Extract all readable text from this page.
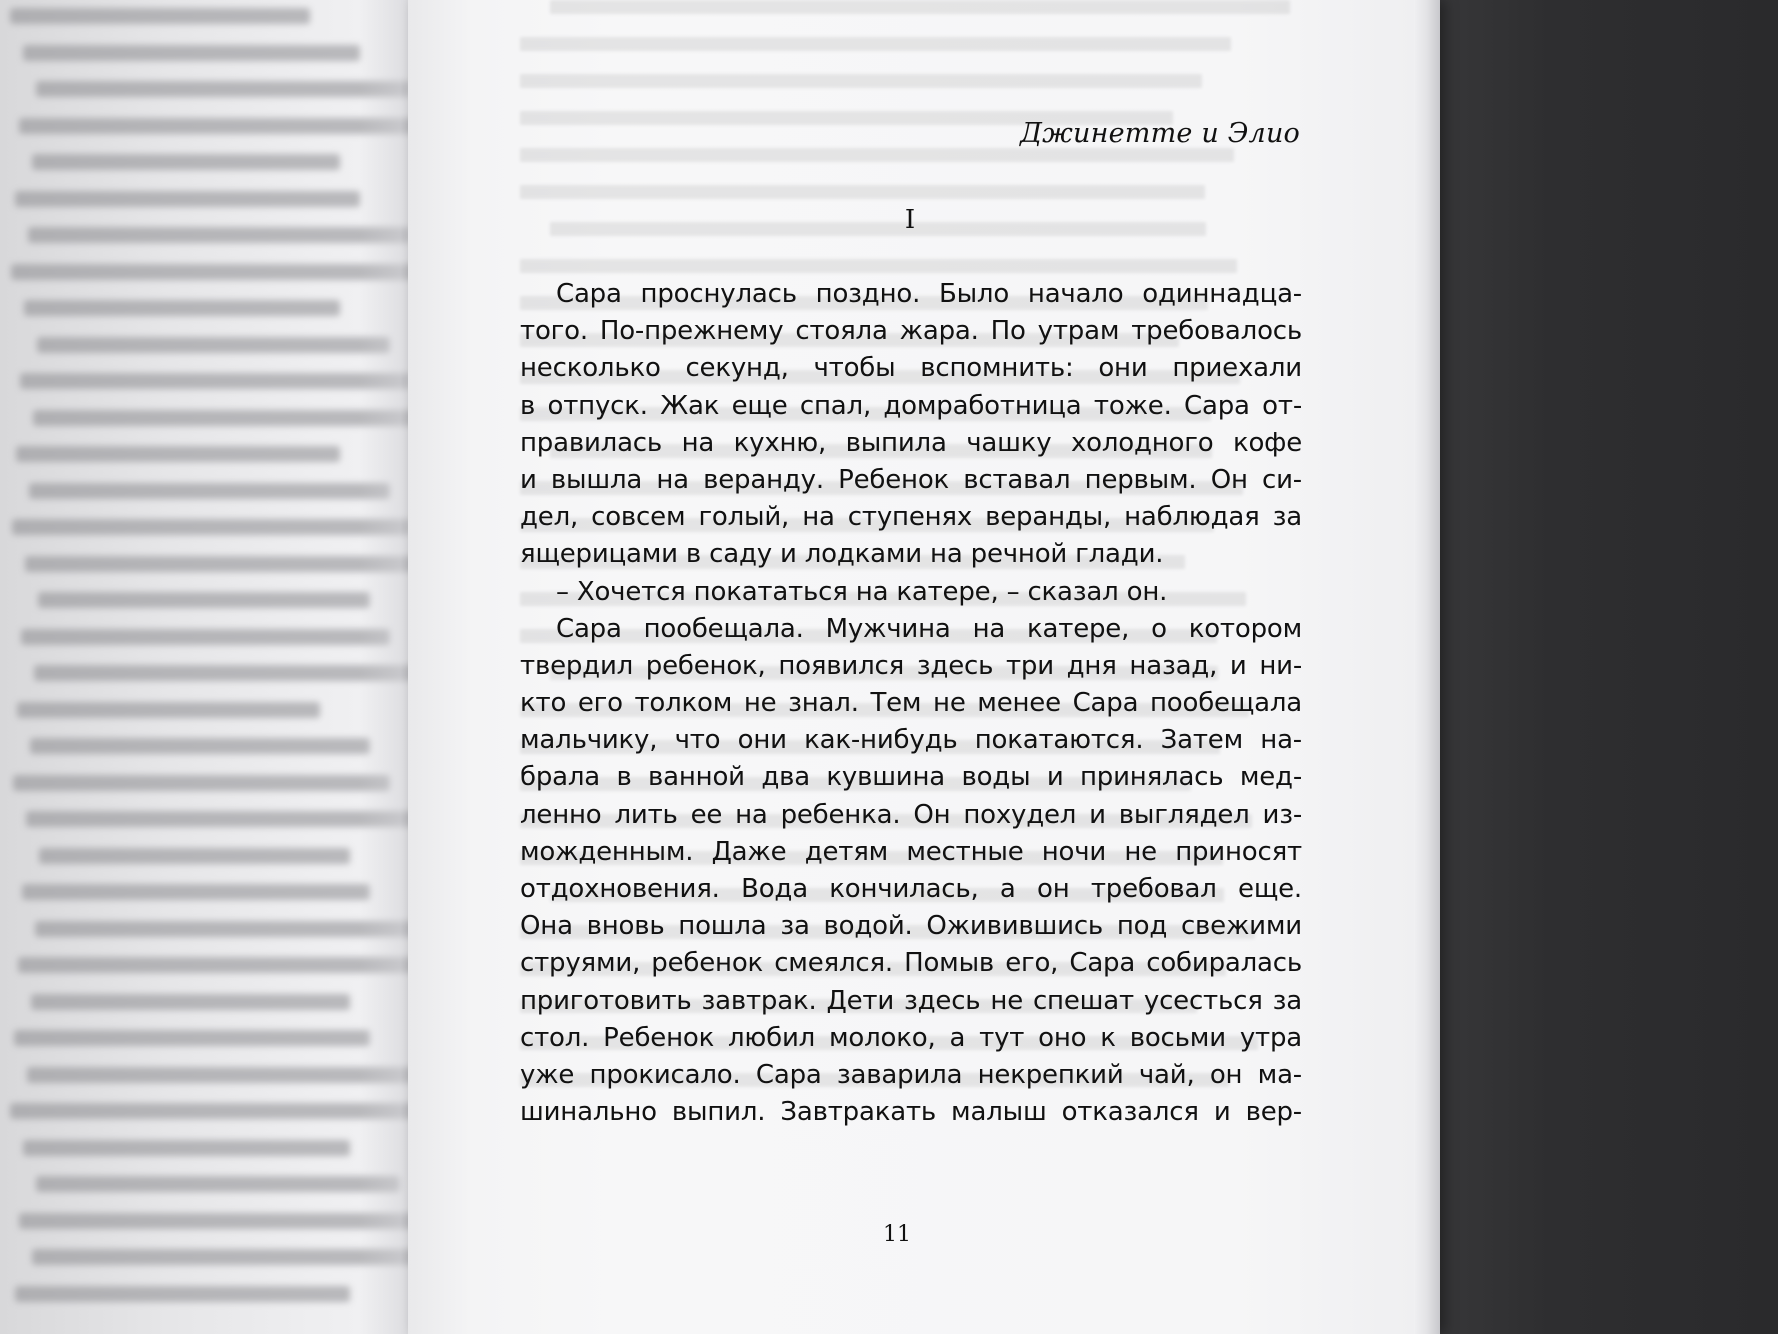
Джинетте и Элио
I
Сара проснулась поздно. Было начало одиннадца-
того. По-прежнему стояла жара. По утрам требовалось
несколько секунд, чтобы вспомнить: они приехали
в отпуск. Жак еще спал, домработница тоже. Сара от-
правилась на кухню, выпила чашку холодного кофе
и вышла на веранду. Ребенок вставал первым. Он си-
дел, совсем голый, на ступенях веранды, наблюдая за
ящерицами в саду и лодками на речной глади.
– Хочется покататься на катере, – сказал он.
Сара пообещала. Мужчина на катере, о котором
твердил ребенок, появился здесь три дня назад, и ни-
кто его толком не знал. Тем не менее Сара пообещала
мальчику, что они как-нибудь покатаются. Затем на-
брала в ванной два кувшина воды и принялась мед-
ленно лить ее на ребенка. Он похудел и выглядел из-
можденным. Даже детям местные ночи не приносят
отдохновения. Вода кончилась, а он требовал еще.
Она вновь пошла за водой. Оживившись под свежими
струями, ребенок смеялся. Помыв его, Сара собиралась
приготовить завтрак. Дети здесь не спешат усесться за
стол. Ребенок любил молоко, а тут оно к восьми утра
уже прокисало. Сара заварила некрепкий чай, он ма-
шинально выпил. Завтракать малыш отказался и вер-
11
